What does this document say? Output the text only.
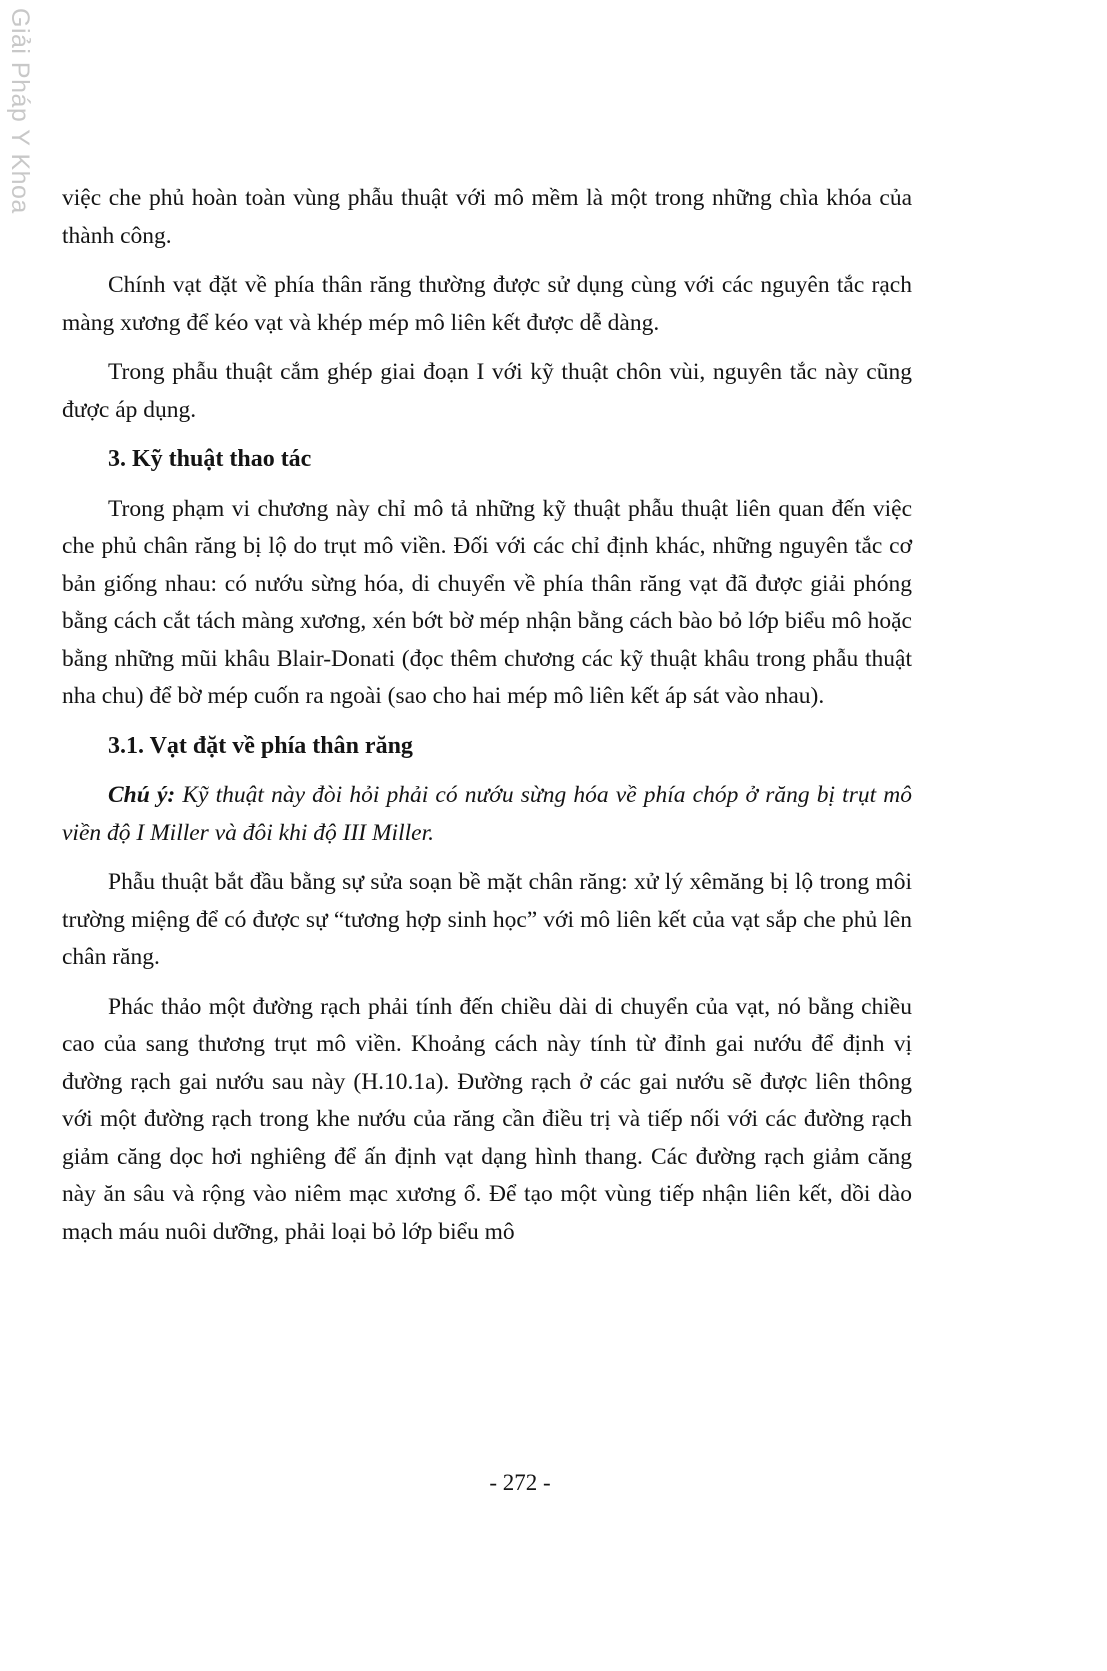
Giải Pháp Y Khoa việc che phủ hoàn toàn vùng phẫu thuật với mô mềm là một trong những chìa khóa của thành công.

Chính vạt đặt về phía thân răng thường được sử dụng cùng với các nguyên tắc rạch màng xương để kéo vạt và khép mép mô liên kết được dễ dàng.

Trong phẫu thuật cắm ghép giai đoạn I với kỹ thuật chôn vùi, nguyên tắc này cũng được áp dụng.

3. Kỹ thuật thao tác

Trong phạm vi chương này chỉ mô tả những kỹ thuật phẫu thuật liên quan đến việc che phủ chân răng bị lộ do trụt mô viền. Đối với các chỉ định khác, những nguyên tắc cơ bản giống nhau: có nướu sừng hóa, di chuyển về phía thân răng vạt đã được giải phóng bằng cách cắt tách màng xương, xén bớt bờ mép nhận bằng cách bào bỏ lớp biểu mô hoặc bằng những mũi khâu Blair-Donati (đọc thêm chương các kỹ thuật khâu trong phẫu thuật nha chu) để bờ mép cuốn ra ngoài (sao cho hai mép mô liên kết áp sát vào nhau).

3.1. Vạt đặt về phía thân răng

Chú ý: Kỹ thuật này đòi hỏi phải có nướu sừng hóa về phía chóp ở răng bị trụt mô viền độ I Miller và đôi khi độ III Miller.

Phẫu thuật bắt đầu bằng sự sửa soạn bề mặt chân răng: xử lý xêmăng bị lộ trong môi trường miệng để có được sự “tương hợp sinh học” với mô liên kết của vạt sắp che phủ lên chân răng.

Phác thảo một đường rạch phải tính đến chiều dài di chuyển của vạt, nó bằng chiều cao của sang thương trụt mô viền. Khoảng cách này tính từ đỉnh gai nướu để định vị đường rạch gai nướu sau này (H.10.1a). Đường rạch ở các gai nướu sẽ được liên thông với một đường rạch trong khe nướu của răng cần điều trị và tiếp nối với các đường rạch giảm căng dọc hơi nghiêng để ấn định vạt dạng hình thang. Các đường rạch giảm căng này ăn sâu và rộng vào niêm mạc xương ổ. Để tạo một vùng tiếp nhận liên kết, dồi dào mạch máu nuôi dưỡng, phải loại bỏ lớp biểu mô

- 272 -
